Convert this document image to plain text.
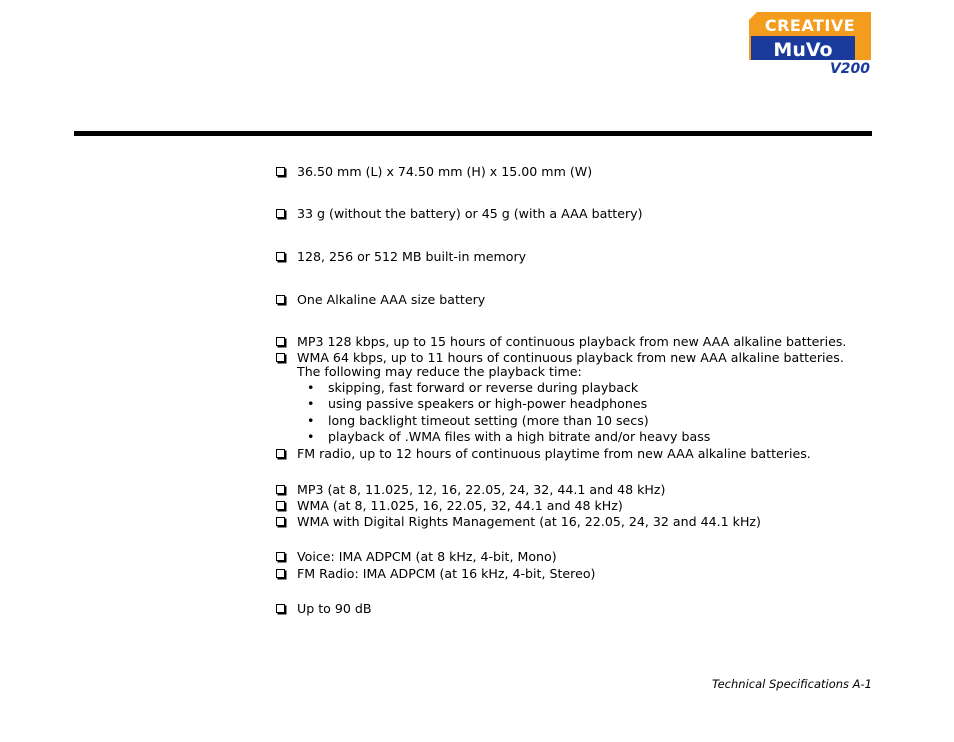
CREATIVE
MuVo
V200
36.50 mm (L) x 74.50 mm (H) x 15.00 mm (W)
33 g (without the battery) or 45 g (with a AAA battery)
128, 256 or 512 MB built-in memory
One Alkaline AAA size battery
MP3 128 kbps, up to 15 hours of continuous playback from new AAA alkaline batteries.
WMA 64 kbps, up to 11 hours of continuous playback from new AAA alkaline batteries.
The following may reduce the playback time:
• skipping, fast forward or reverse during playback
• using passive speakers or high-power headphones
• long backlight timeout setting (more than 10 secs)
• playback of .WMA files with a high bitrate and/or heavy bass
FM radio, up to 12 hours of continuous playtime from new AAA alkaline batteries.
MP3 (at 8, 11.025, 12, 16, 22.05, 24, 32, 44.1 and 48 kHz)
WMA (at 8, 11.025, 16, 22.05, 32, 44.1 and 48 kHz)
WMA with Digital Rights Management (at 16, 22.05, 24, 32 and 44.1 kHz)
Voice: IMA ADPCM (at 8 kHz, 4-bit, Mono)
FM Radio: IMA ADPCM (at 16 kHz, 4-bit, Stereo)
Up to 90 dB
Technical Specifications A-1
